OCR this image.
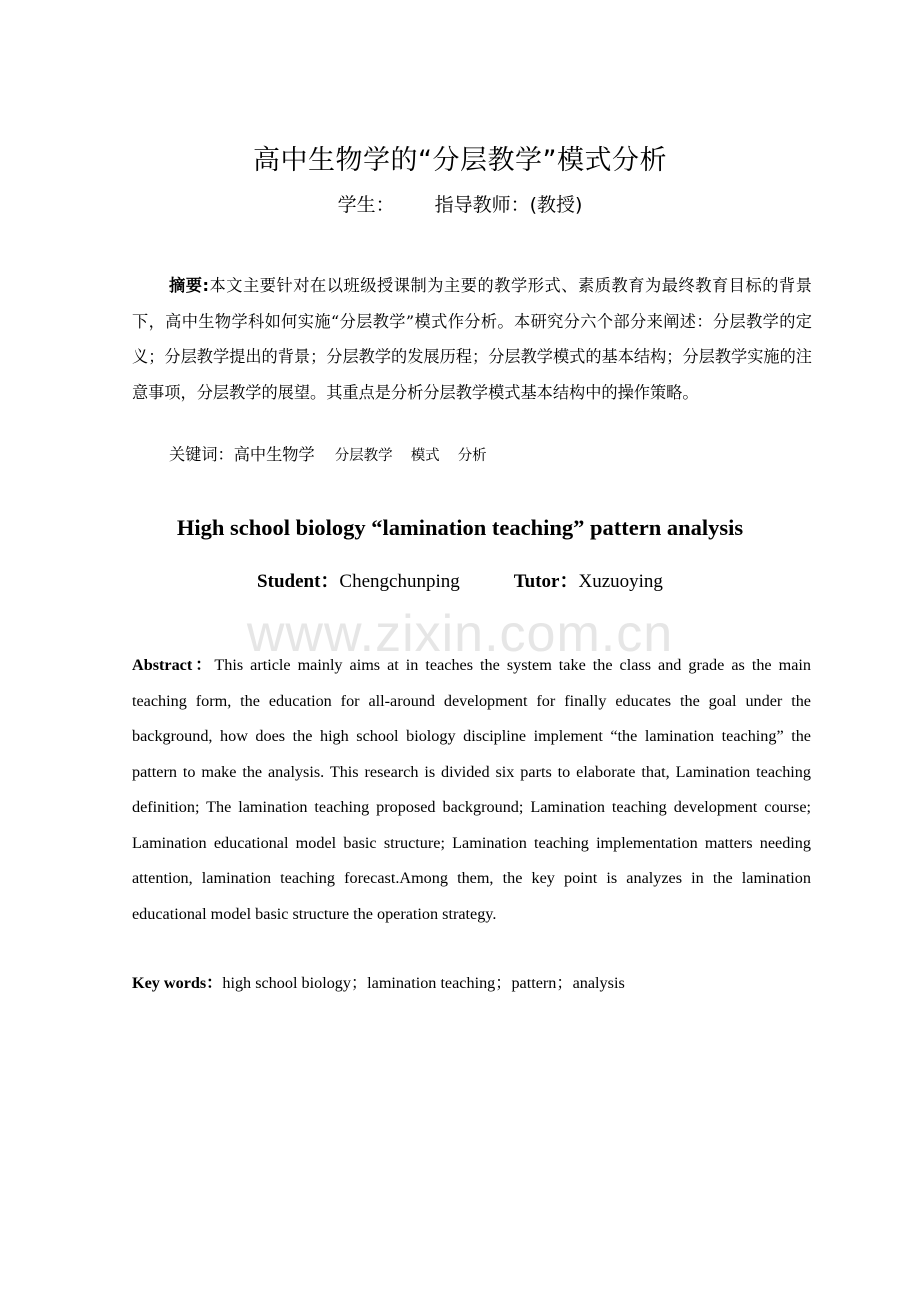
高中生物学的“分层教学”模式分析
学生： 指导教师：(教授)
摘要:本文主要针对在以班级授课制为主要的教学形式、素质教育为最终教育目标的背景下，高中生物学科如何实施“分层教学”模式作分析。本研究分六个部分来阐述：分层教学的定义；分层教学提出的背景；分层教学的发展历程；分层教学模式的基本结构；分层教学实施的注意事项，分层教学的展望。其重点是分析分层教学模式基本结构中的操作策略。
关键词：高中生物学 分层教学 模式 分析
High school biology “lamination teaching” pattern analysis
Student：Chengchunping	Tutor：Xuzuoying
www.zixin.com.cn
Abstract：This article mainly aims at in teaches the system take the class and grade as the main teaching form, the education for all-around development for finally educates the goal under the background, how does the high school biology discipline implement “the lamination teaching” the pattern to make the analysis. This research is divided six parts to elaborate that, Lamination teaching definition; The lamination teaching proposed background; Lamination teaching development course; Lamination educational model basic structure; Lamination teaching implementation matters needing attention, lamination teaching forecast.Among them, the key point is analyzes in the lamination educational model basic structure the operation strategy.
Key words：high school biology；lamination teaching；pattern；analysis
